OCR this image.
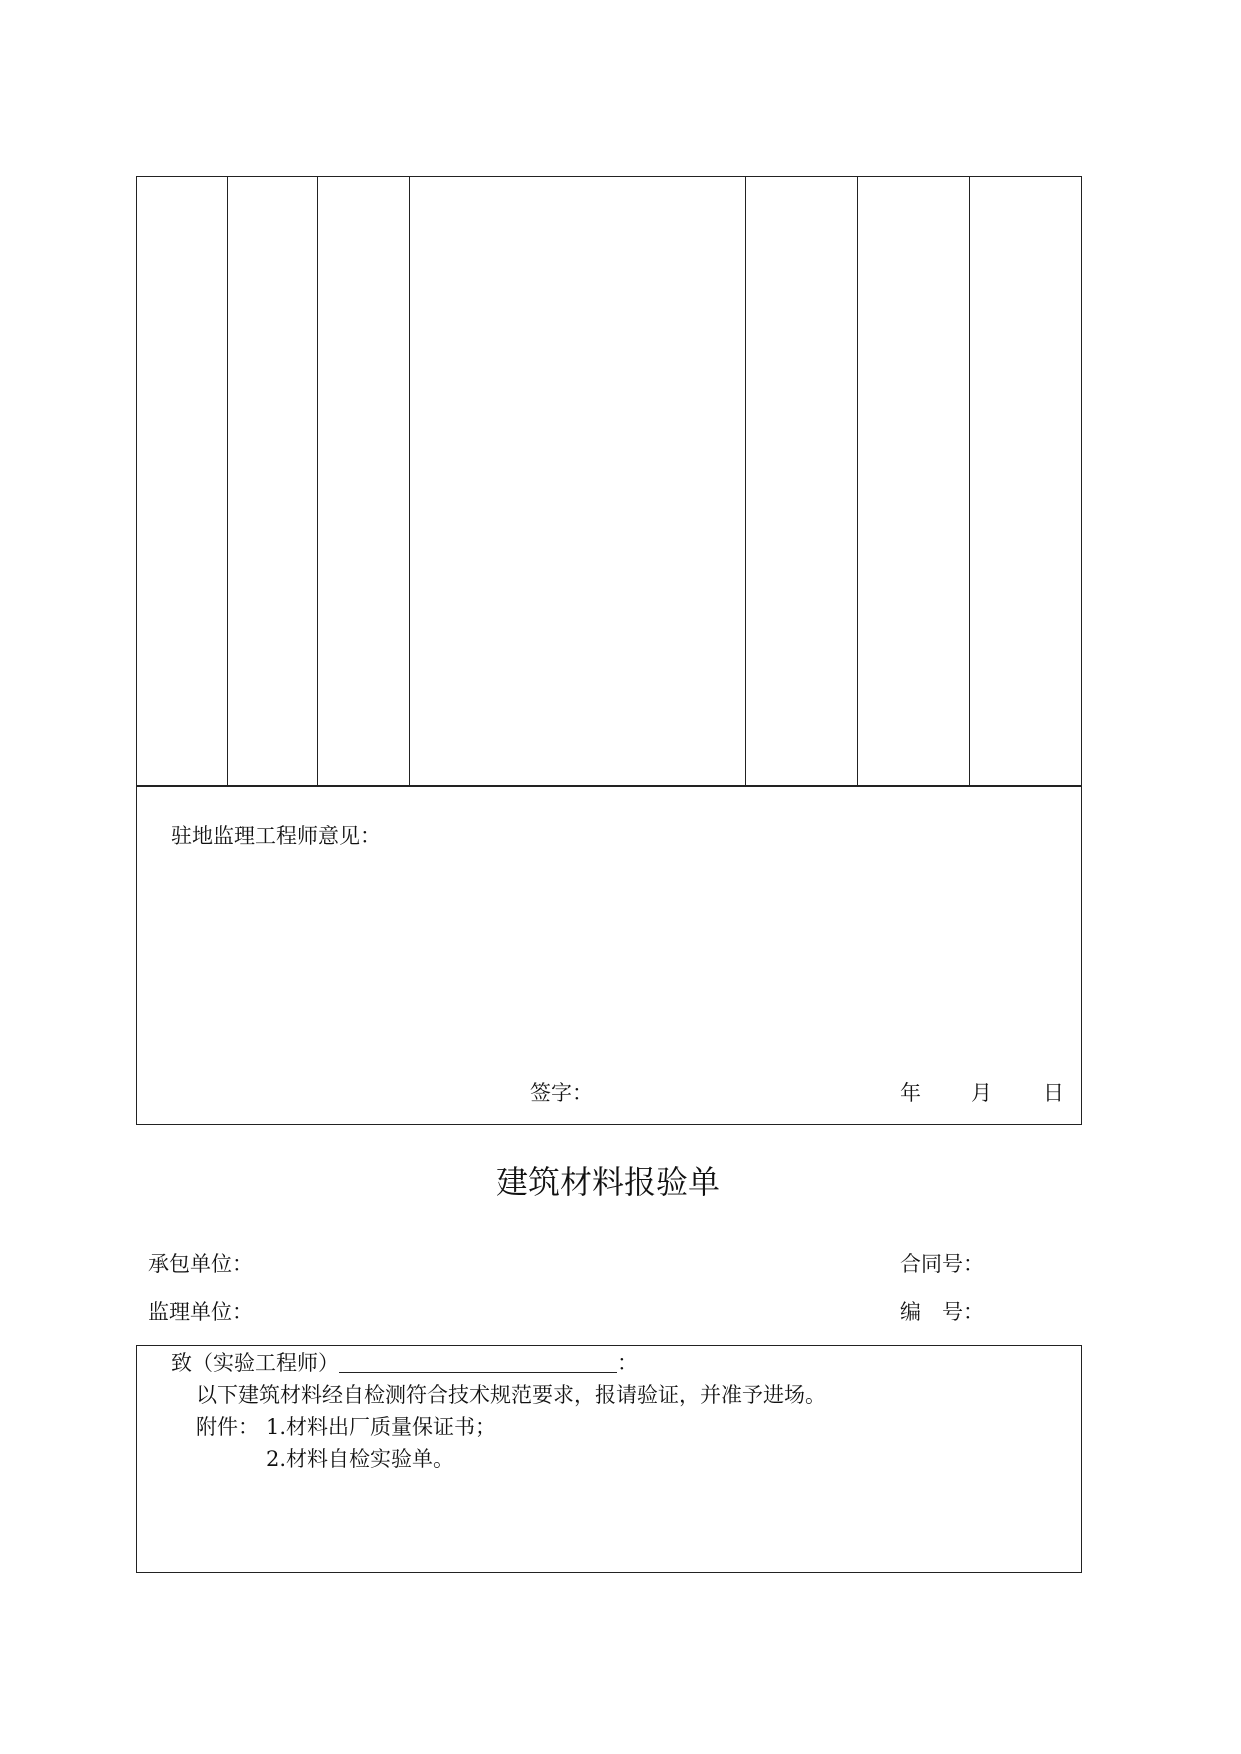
驻地监理工程师意见：
签字：	年 月 日
建筑材料报验单
承包单位：	合同号：
监理单位：	编　号：
致（实验工程师）	：
以下建筑材料经自检测符合技术规范要求，报请验证，并准予进场。
附件： 1.材料出厂质量保证书；
2.材料自检实验单。
